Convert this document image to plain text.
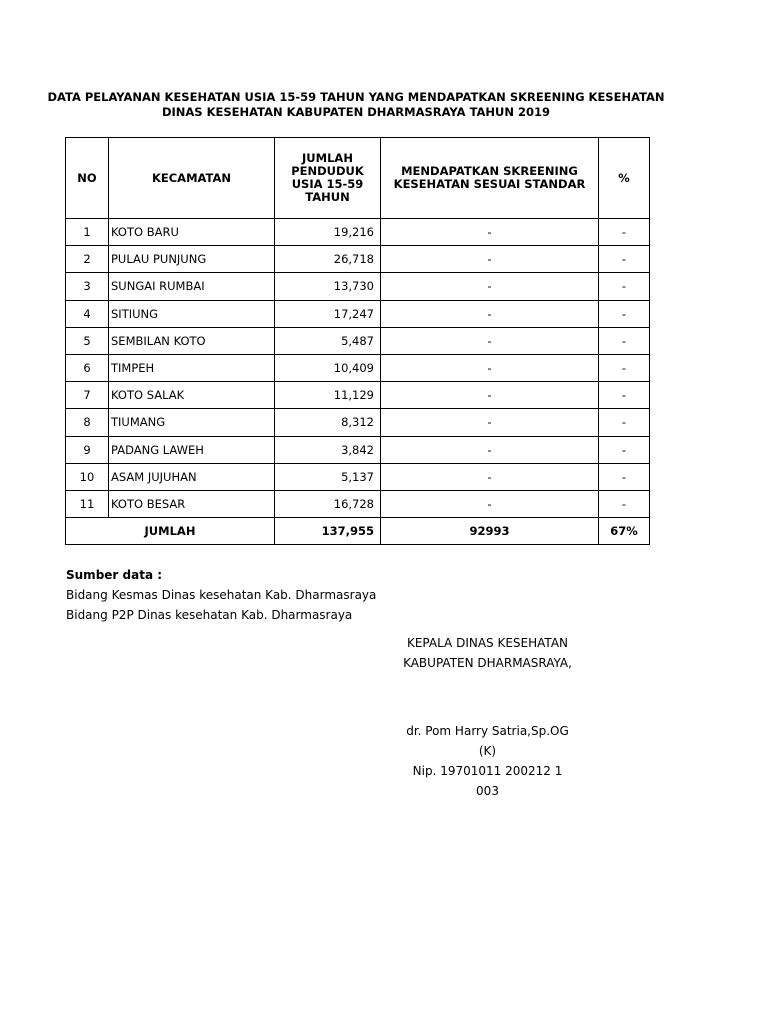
DATA PELAYANAN KESEHATAN USIA 15-59 TAHUN YANG MENDAPATKAN SKREENING KESEHATAN
DINAS KESEHATAN KABUPATEN DHARMASRAYA TAHUN 2019
NO	KECAMATAN	JUMLAH PENDUDUK USIA 15-59 TAHUN	MENDAPATKAN SKREENING KESEHATAN SESUAI STANDAR	%
1	KOTO BARU	19,216	-	-
2	PULAU PUNJUNG	26,718	-	-
3	SUNGAI RUMBAI	13,730	-	-
4	SITIUNG	17,247	-	-
5	SEMBILAN KOTO	5,487	-	-
6	TIMPEH	10,409	-	-
7	KOTO SALAK	11,129	-	-
8	TIUMANG	8,312	-	-
9	PADANG LAWEH	3,842	-	-
10	ASAM JUJUHAN	5,137	-	-
11	KOTO BESAR	16,728	-	-
JUMLAH		137,955	92993	67%
Sumber data :
Bidang Kesmas Dinas kesehatan Kab. Dharmasraya
Bidang P2P Dinas kesehatan Kab. Dharmasraya
KEPALA DINAS KESEHATAN
KABUPATEN DHARMASRAYA,
dr. Pom Harry Satria,Sp.OG (K)
Nip. 19701011 200212 1 003
